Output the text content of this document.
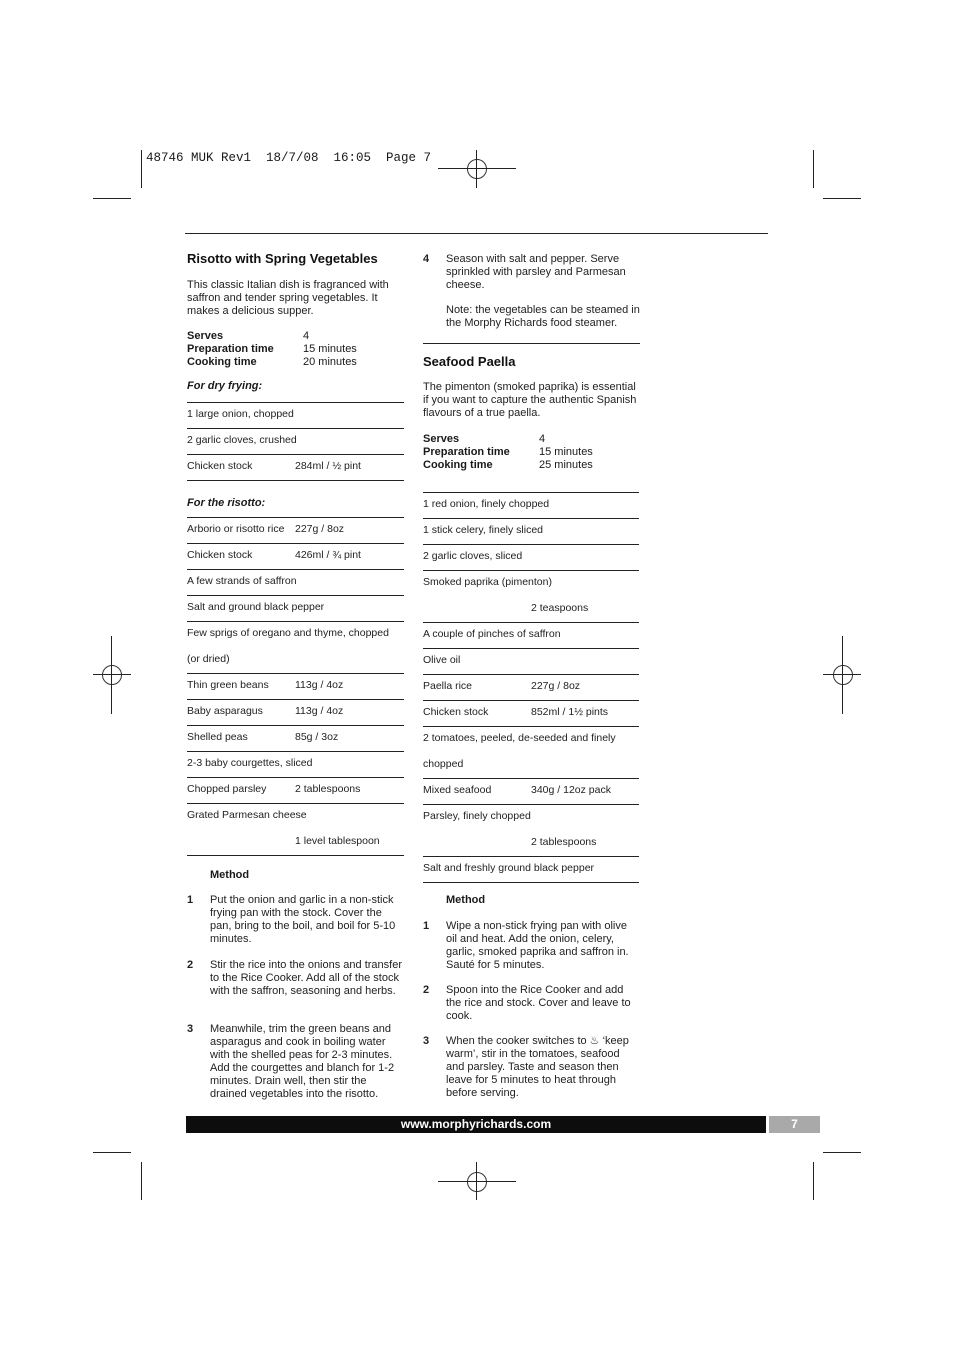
48746 MUK Rev1  18/7/08  16:05  Page 7
Risotto with Spring Vegetables

This classic Italian dish is fragranced with saffron and tender spring vegetables. It makes a delicious supper.

Serves	4
Preparation time	15 minutes
Cooking time	20 minutes
For dry frying:
1 large onion, chopped
2 garlic cloves, crushed
Chicken stock	284ml / ½ pint
For the risotto:
Arborio or risotto rice 227g / 8oz
Chicken stock	426ml / ¾ pint
A few strands of saffron
Salt and ground black pepper
Few sprigs of oregano and thyme, chopped
(or dried)
Thin green beans	113g / 4oz
Baby asparagus	113g / 4oz
Shelled peas	85g / 3oz
2-3 baby courgettes, sliced
Chopped parsley	2 tablespoons
Grated Parmesan cheese
1 level tablespoon
Method
1 Put the onion and garlic in a non-stick frying pan with the stock. Cover the pan, bring to the boil, and boil for 5-10 minutes.
2 Stir the rice into the onions and transfer to the Rice Cooker. Add all of the stock with the saffron, seasoning and herbs.
3 Meanwhile, trim the green beans and asparagus and cook in boiling water with the shelled peas for 2-3 minutes. Add the courgettes and blanch for 1-2 minutes. Drain well, then stir the drained vegetables into the risotto.
4 Season with salt and pepper. Serve sprinkled with parsley and Parmesan cheese.
Note: the vegetables can be steamed in the Morphy Richards food steamer.
Seafood Paella

The pimenton (smoked paprika) is essential if you want to capture the authentic Spanish flavours of a true paella.

Serves	4
Preparation time	15 minutes
Cooking time	25 minutes
1 red onion, finely chopped
1 stick celery, finely sliced
2 garlic cloves, sliced
Smoked paprika (pimenton)
2 teaspoons
A couple of pinches of saffron
Olive oil
Paella rice	227g / 8oz
Chicken stock	852ml / 1½ pints
2 tomatoes, peeled, de-seeded and finely
chopped
Mixed seafood	340g / 12oz pack
Parsley, finely chopped
2 tablespoons
Salt and freshly ground black pepper
Method
1 Wipe a non-stick frying pan with olive oil and heat. Add the onion, celery, garlic, smoked paprika and saffron in. Sauté for 5 minutes.
2 Spoon into the Rice Cooker and add the rice and stock. Cover and leave to cook.
3 When the cooker switches to ♨ ‘keep warm’, stir in the tomatoes, seafood and parsley. Taste and season then leave for 5 minutes to heat through before serving.
www.morphyrichards.com	7
